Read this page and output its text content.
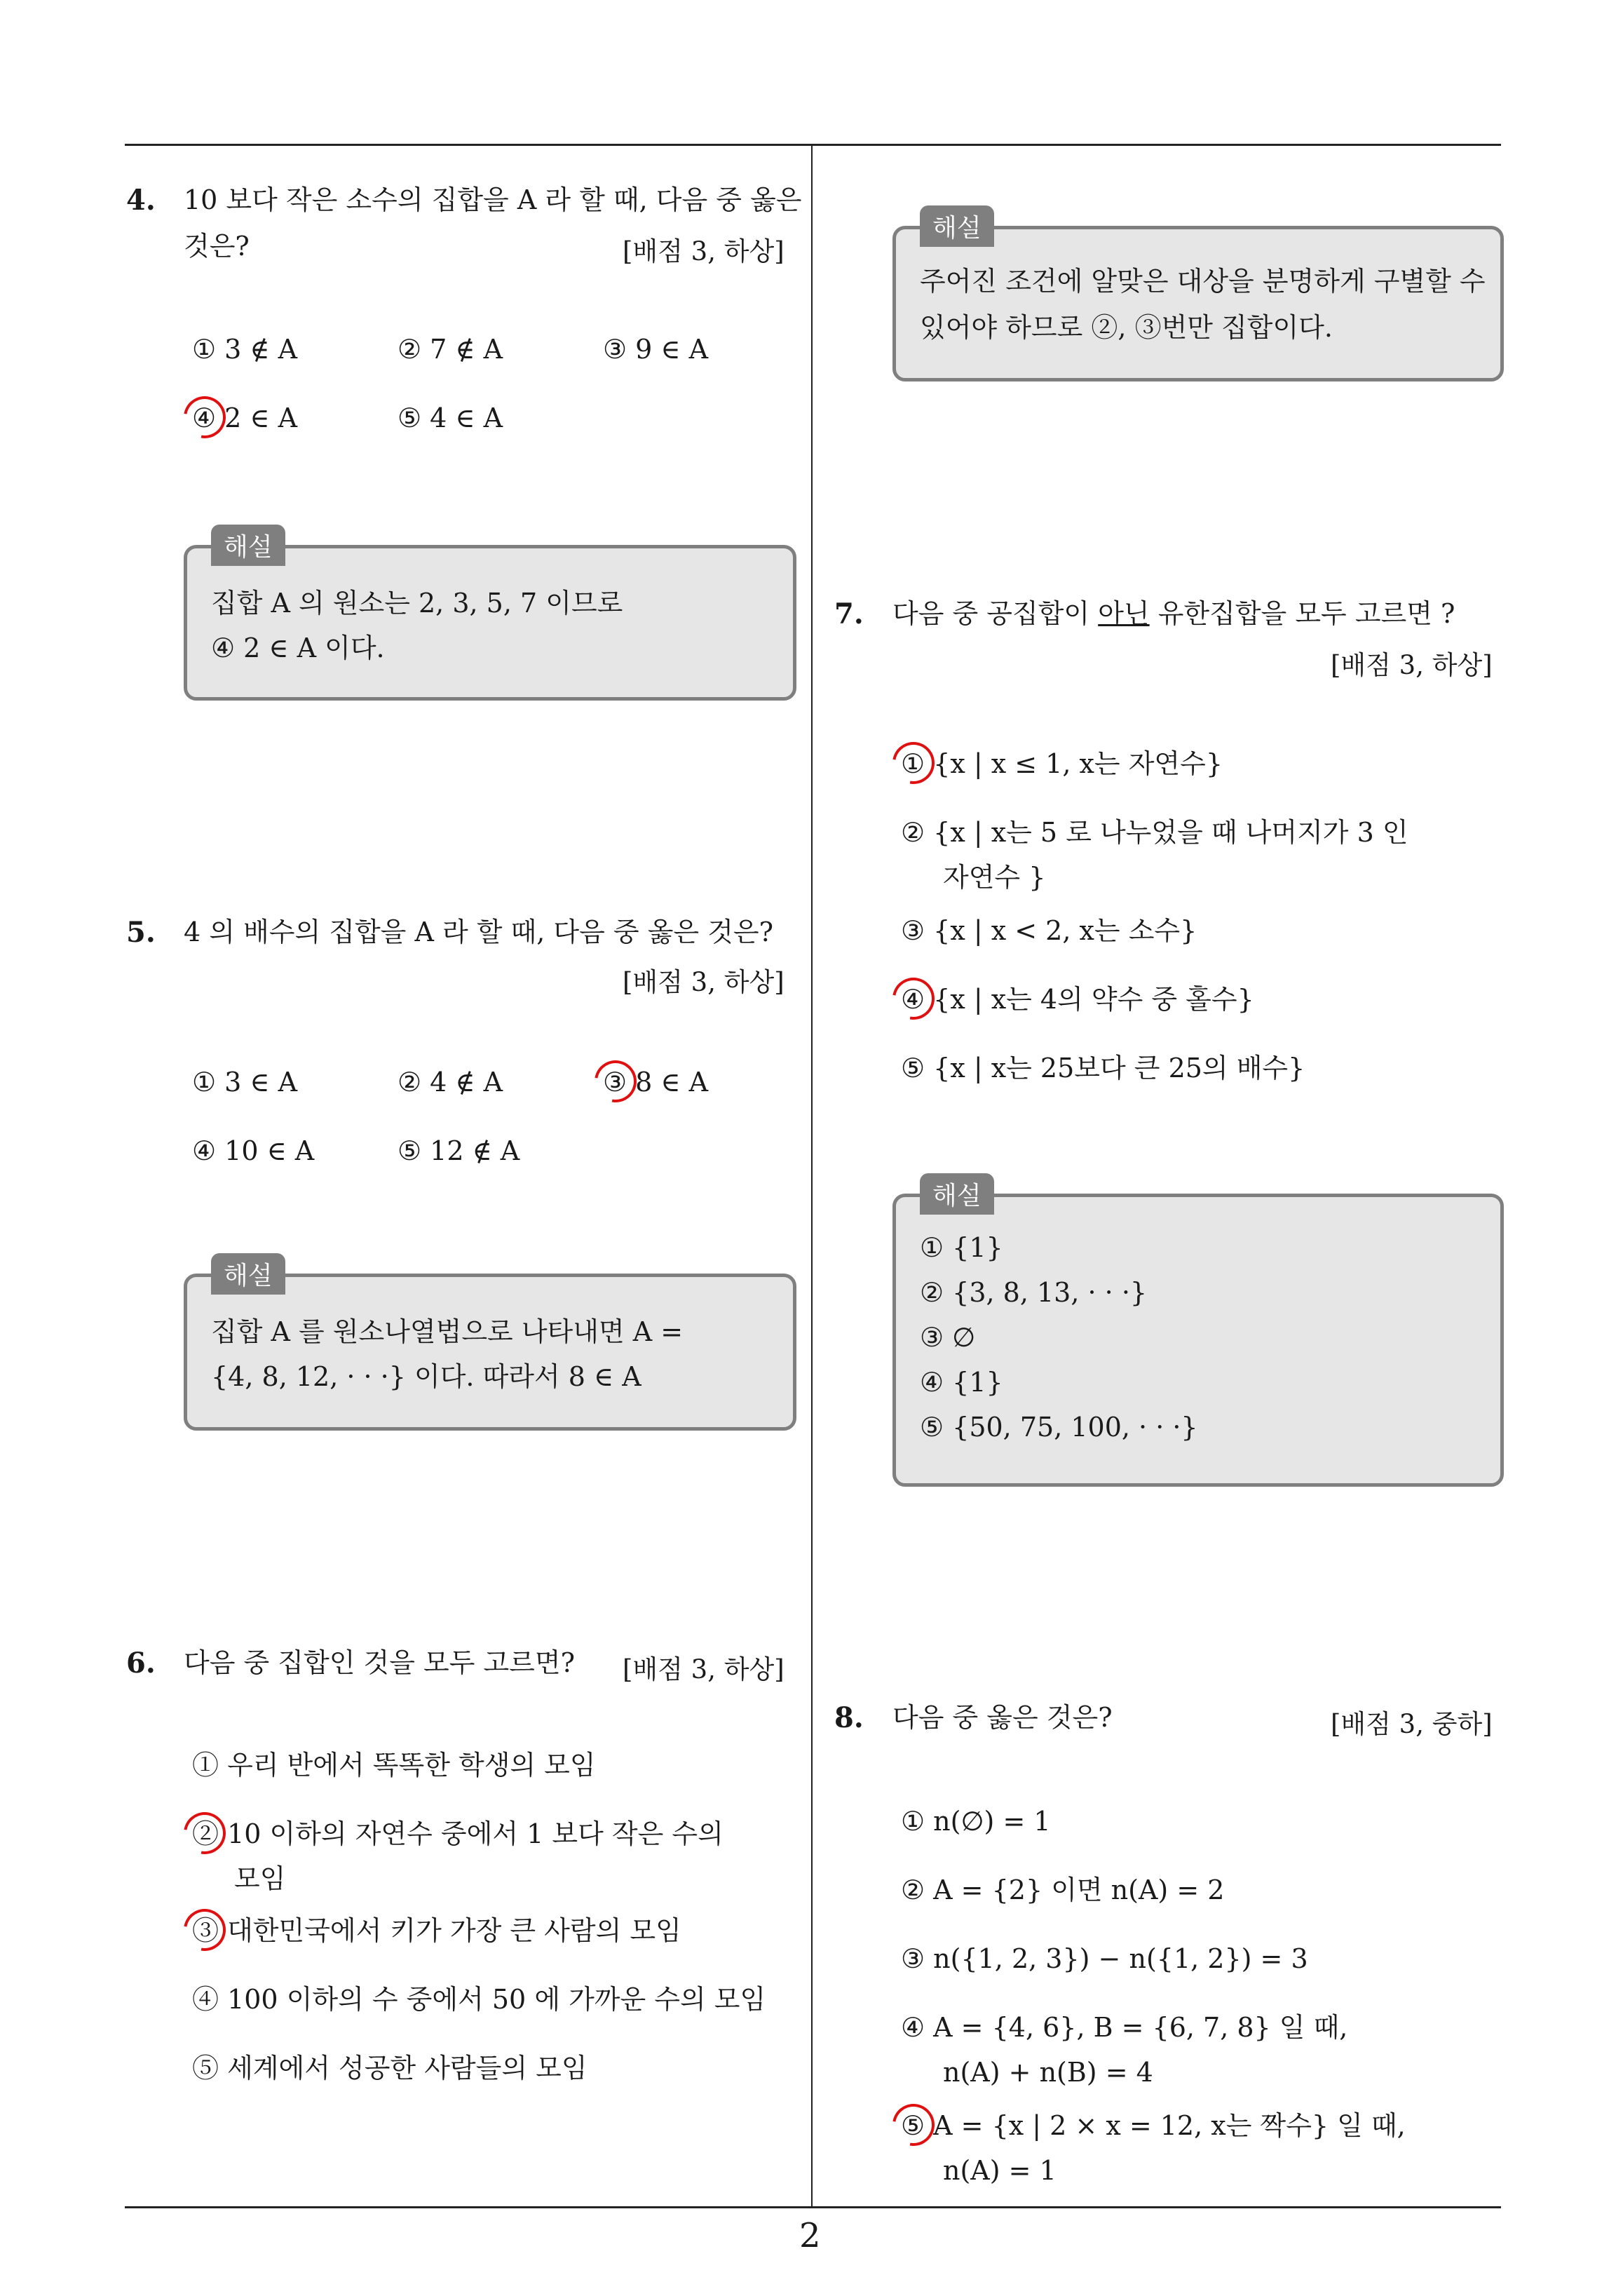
4. 10 보다 작은 소수의 집합을 A 라 할 때, 다음 중 옳은
것은?	[배점 3, 하상]
① 3 ∉ A	② 7 ∉ A	③ 9 ∈ A
④ 2 ∈ A	⑤ 4 ∈ A
해설
집합 A 의 원소는 2, 3, 5, 7 이므로
④ 2 ∈ A 이다.
5. 4 의 배수의 집합을 A 라 할 때, 다음 중 옳은 것은?
[배점 3, 하상]
① 3 ∈ A	② 4 ∉ A	③ 8 ∈ A
④ 10 ∈ A	⑤ 12 ∉ A
해설
집합 A 를 원소나열법으로 나타내면 A =
{4, 8, 12, · · ·} 이다. 따라서 8 ∈ A
6. 다음 중 집합인 것을 모두 고르면? [배점 3, 하상]
① 우리 반에서 똑똑한 학생의 모임
② 10 이하의 자연수 중에서 1 보다 작은 수의
모임
③ 대한민국에서 키가 가장 큰 사람의 모임
④ 100 이하의 수 중에서 50 에 가까운 수의 모임
⑤ 세계에서 성공한 사람들의 모임
해설
주어진 조건에 알맞은 대상을 분명하게 구별할 수
있어야 하므로 ②, ③번만 집합이다.
7. 다음 중 공집합이 아닌 유한집합을 모두 고르면 ?
[배점 3, 하상]
① {x | x ≤ 1, x는 자연수}
② {x | x는 5 로 나누었을 때 나머지가 3 인
자연수 }
③ {x | x < 2, x는 소수}
④ {x | x는 4의 약수 중 홀수}
⑤ {x | x는 25보다 큰 25의 배수}
해설
① {1}
② {3, 8, 13, · · ·}
③ ∅
④ {1}
⑤ {50, 75, 100, · · ·}
8. 다음 중 옳은 것은?	[배점 3, 중하]
① n(∅) = 1
② A = {2} 이면 n(A) = 2
③ n({1, 2, 3}) − n({1, 2}) = 3
④ A = {4, 6}, B = {6, 7, 8} 일 때,
n(A) + n(B) = 4
⑤ A = {x | 2 × x = 12, x는 짝수} 일 때,
n(A) = 1
2
